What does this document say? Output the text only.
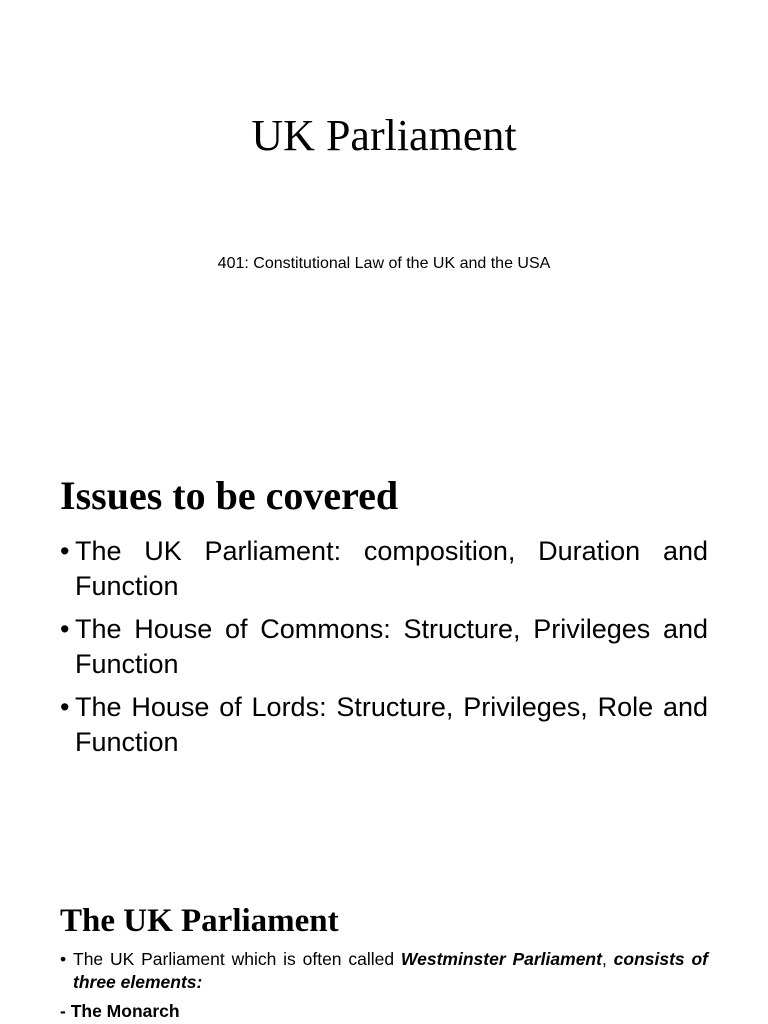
UK Parliament
401: Constitutional Law of the UK and the USA
Issues to be covered
• The UK Parliament: composition, Duration and Function
• The House of Commons: Structure, Privileges and Function
• The House of Lords: Structure, Privileges, Role and Function
The UK Parliament
• The UK Parliament which is often called Westminster Parliament, consists of three elements:
- The Monarch
